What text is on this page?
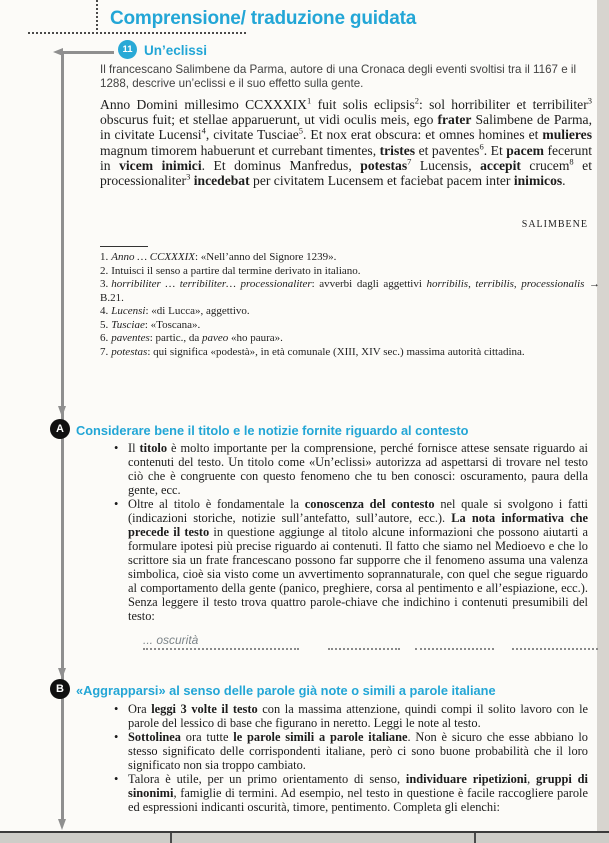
Comprensione/ traduzione guidata
11 Un’eclissi

Il francescano Salimbene da Parma, autore di una Cronaca degli eventi svoltisi tra il 1167 e il 1288, descrive un’eclissi e il suo effetto sulla gente.

Anno Domini millesimo CCXXXIX$^1$ fuit solis eclipsis$^2$: sol horribiliter et terribiliter$^3$ obscurus fuit; et stellae apparuerunt, ut vidi oculis meis, ego frater Salimbene de Parma, in civitate Lucensi$^4$, civitate Tusciae$^5$. Et nox erat obscura: et omnes homines et mulieres magnum timorem habuerunt et currebant timentes, tristes et paventes$^6$. Et pacem fecerunt in vicem inimici. Et dominus Manfredus, potestas$^7$ Lucensis, accepit crucem$^8$ et processionaliter$^3$ incedebat per civitatem Lucensem et faciebat pacem inter inimicos.

SALIMBENE
1. Anno … CCXXXIX: «Nell’anno del Signore 1239».
2. Intuisci il senso a partire dal termine derivato in italiano.
3. horribiliter … terribiliter… processionaliter: avverbi dagli aggettivi horribilis, terribilis, processionalis → B.21.
4. Lucensi: «di Lucca», aggettivo.
5. Tusciae: «Toscana».
6. paventes: partic., da paveo «ho paura».
7. potestas: qui significa «podestà», in età comunale (XIII, XIV sec.) massima autorità cittadina.
A Considerare bene il titolo e le notizie fornite riguardo al contesto
• Il titolo è molto importante per la comprensione, perché fornisce attese sensate riguardo ai contenuti del testo. Un titolo come «Un’eclissi» autorizza ad aspettarsi di trovare nel testo ciò che è congruente con questo fenomeno che tu ben conosci: oscuramento, paura della gente, ecc.
• Oltre al titolo è fondamentale la conoscenza del contesto nel quale si svolgono i fatti (indicazioni storiche, notizie sull’antefatto, sull’autore, ecc.). La nota informativa che precede il testo in questione aggiunge al titolo alcune informazioni che possono aiutarti a formulare ipotesi più precise riguardo ai contenuti. Il fatto che siamo nel Medioevo e che lo scrittore sia un frate francescano possono far supporre che il fenomeno assuma una valenza simbolica, cioè sia visto come un avvertimento soprannaturale, con quel che segue riguardo al comportamento della gente (panico, preghiere, corsa al pentimento e all’espiazione, ecc.). Senza leggere il testo trova quattro parole-chiave che indichino i contenuti presumibili del testo:
... oscurità
B «Aggrapparsi» al senso delle parole già note o simili a parole italiane
• Ora leggi 3 volte il testo con la massima attenzione, quindi compi il solito lavoro con le parole del lessico di base che figurano in neretto. Leggi le note al testo.
• Sottolinea ora tutte le parole simili a parole italiane. Non è sicuro che esse abbiano lo stesso significato delle corrispondenti italiane, però ci sono buone probabilità che il loro significato non sia troppo cambiato.
• Talora è utile, per un primo orientamento di senso, individuare ripetizioni, gruppi di sinonimi, famiglie di termini. Ad esempio, nel testo in questione è facile raccogliere parole ed espressioni indicanti oscurità, timore, pentimento. Completa gli elenchi:
